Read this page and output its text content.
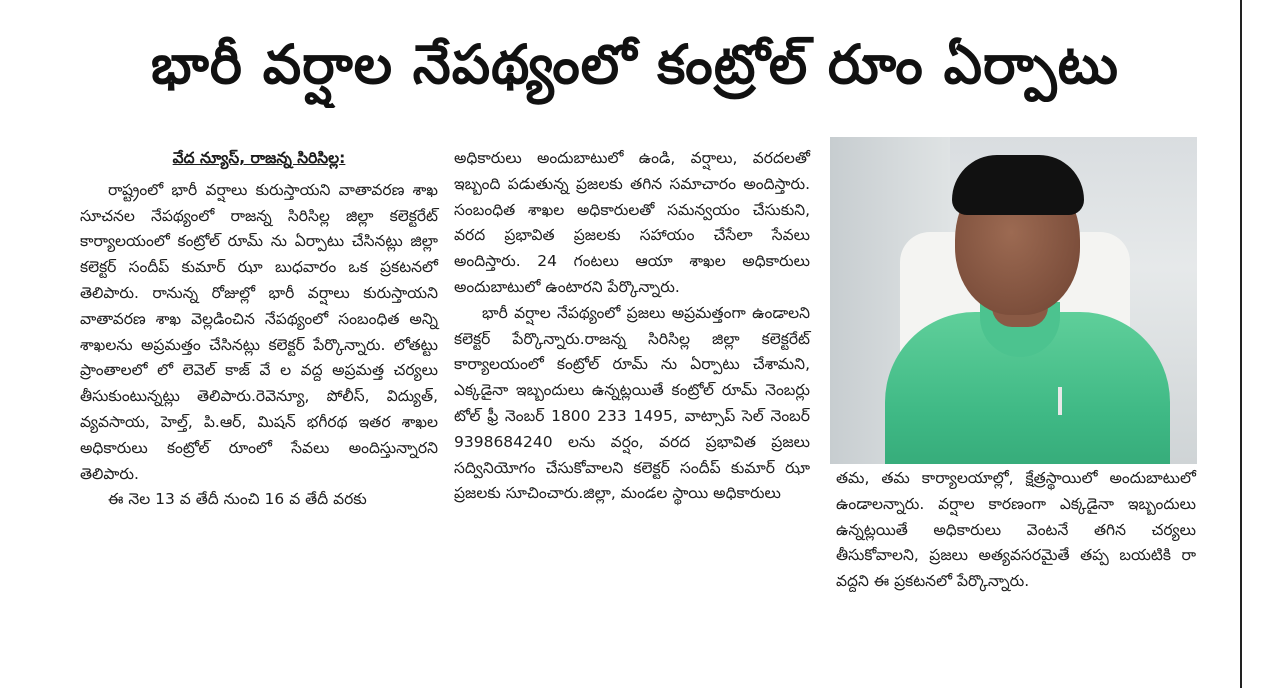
భారీ వర్షాల నేపథ్యంలో కంట్రోల్ రూం ఏర్పాటు

వేద న్యూస్, రాజన్న సిరిసిల్ల:

రాష్ట్రంలో భారీ వర్షాలు కురుస్తాయని వాతావరణ శాఖ సూచనల నేపథ్యంలో రాజన్న సిరిసిల్ల జిల్లా కలెక్టరేట్ కార్యాలయంలో కంట్రోల్ రూమ్ ను ఏర్పాటు చేసినట్లు జిల్లా కలెక్టర్ సందీప్ కుమార్ ఝా బుధవారం ఒక ప్రకటనలో తెలిపారు. రానున్న రోజుల్లో భారీ వర్షాలు కురుస్తాయని వాతావరణ శాఖ వెల్లడించిన నేపథ్యంలో సంబంధిత అన్ని శాఖలను అప్రమత్తం చేసినట్లు కలెక్టర్ పేర్కొన్నారు. లోతట్టు ప్రాంతాలలో లో లెవెల్ కాజ్ వే ల వద్ద అప్రమత్త చర్యలు తీసుకుంటున్నట్లు తెలిపారు.రెవెన్యూ, పోలీస్, విద్యుత్, వ్యవసాయ, హెల్త్, పి.ఆర్, మిషన్ భగీరథ ఇతర శాఖల అధికారులు కంట్రోల్ రూంలో సేవలు అందిస్తున్నారని తెలిపారు.

ఈ నెల 13 వ తేదీ నుంచి 16 వ తేదీ వరకు

అధికారులు అందుబాటులో ఉండి, వర్షాలు, వరదలతో ఇబ్బంది పడుతున్న ప్రజలకు తగిన సమాచారం అందిస్తారు. సంబంధిత శాఖల అధికారులతో సమన్వయం చేసుకుని, వరద ప్రభావిత ప్రజలకు సహాయం చేసేలా సేవలు అందిస్తారు. 24 గంటలు ఆయా శాఖల అధికారులు అందుబాటులో ఉంటారని పేర్కొన్నారు.

భారీ వర్షాల నేపథ్యంలో ప్రజలు అప్రమత్తంగా ఉండాలని కలెక్టర్ పేర్కొన్నారు.రాజన్న సిరిసిల్ల జిల్లా కలెక్టరేట్ కార్యాలయంలో కంట్రోల్ రూమ్ ను ఏర్పాటు చేశామని, ఎక్కడైనా ఇబ్బందులు ఉన్నట్లయితే కంట్రోల్ రూమ్ నెంబర్లు టోల్ ఫ్రీ నెంబర్ 1800 233 1495, వాట్సాప్ సెల్ నెంబర్ 9398684240 లను వర్షం, వరద ప్రభావిత ప్రజలు సద్వినియోగం చేసుకోవాలని కలెక్టర్ సందీప్ కుమార్ ఝా ప్రజలకు సూచించారు.జిల్లా, మండల స్థాయి అధికారులు

తమ, తమ కార్యాలయాల్లో, క్షేత్రస్థాయిలో అందుబాటులో ఉండాలన్నారు. వర్షాల కారణంగా ఎక్కడైనా ఇబ్బందులు ఉన్నట్లయితే అధికారులు వెంటనే తగిన చర్యలు తీసుకోవాలని, ప్రజలు అత్యవసరమైతే తప్ప బయటికి రా వద్దని ఈ ప్రకటనలో పేర్కొన్నారు.
